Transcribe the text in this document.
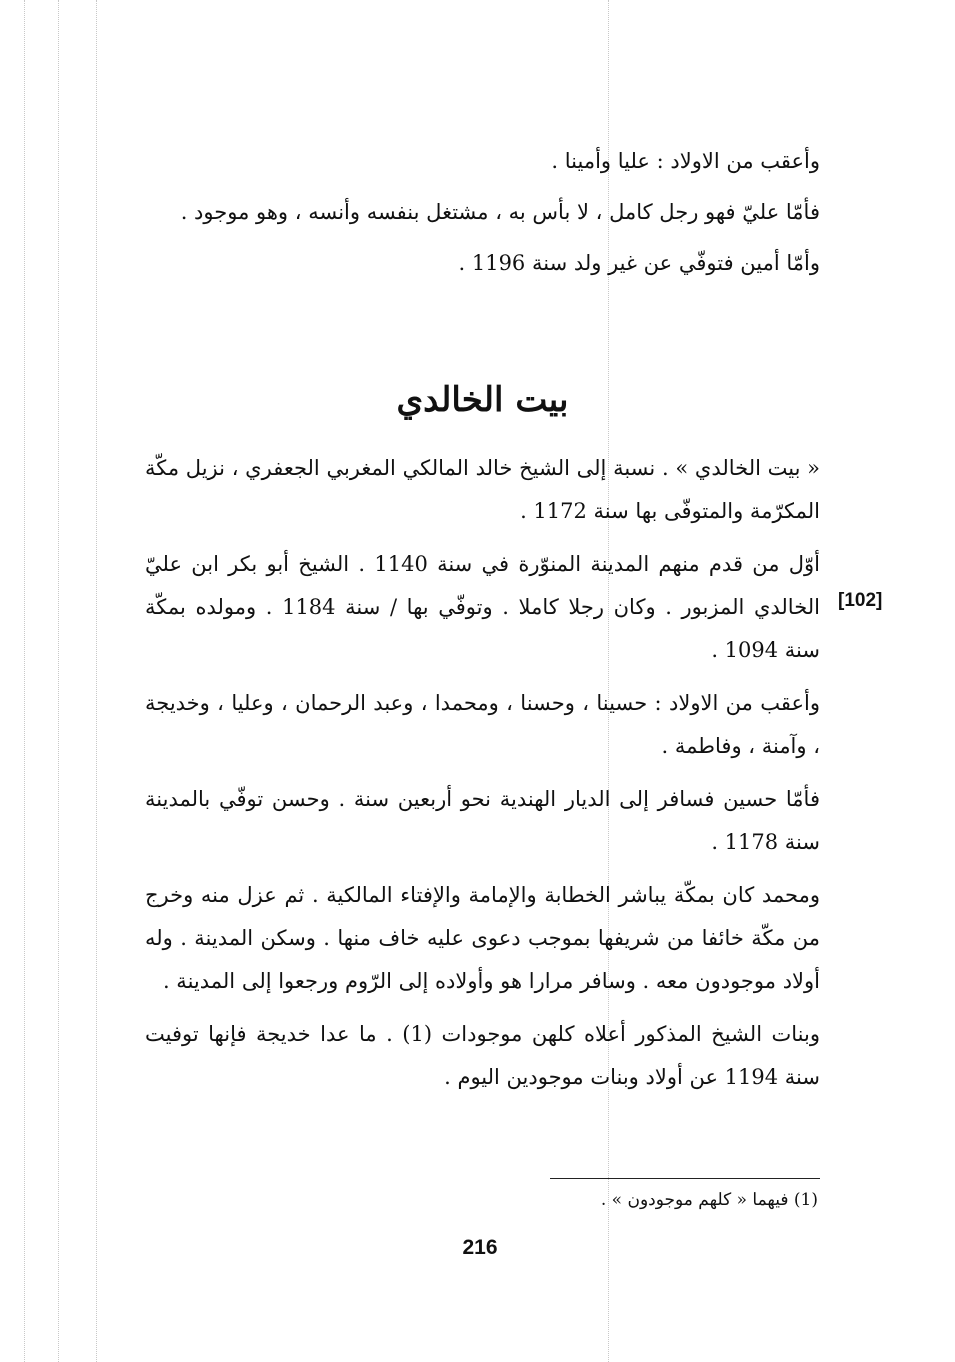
وأعقب من الاولاد : عليا وأمينا .

فأمّا عليّ فهو رجل كامل ، لا بأس به ، مشتغل بنفسه وأنسه ، وهو موجود .

وأمّا أمين فتوفّي عن غير ولد سنة 1196 .

بيت الخالدي

« بيت الخالدي » . نسبة إلى الشيخ خالد المالكي المغربي الجعفري ، نزيل مكّة المكرّمة والمتوفّى بها سنة 1172 .

أوّل من قدم منهم المدينة المنوّرة في سنة 1140 . الشيخ أبو بكر ابن عليّ الخالدي المزبور . وكان رجلا كاملا . وتوفّي بها / سنة 1184 . ومولده بمكّة سنة 1094 .

وأعقب من الاولاد : حسينا ، وحسنا ، ومحمدا ، وعبد الرحمان ، وعليا ، وخديجة ، وآمنة ، وفاطمة .

فأمّا حسين فسافر إلى الديار الهندية نحو أربعين سنة . وحسن توفّي بالمدينة سنة 1178 .

ومحمد كان بمكّة يباشر الخطابة والإمامة والإفتاء المالكية . ثم عزل منه وخرج من مكّة خائفا من شريفها بموجب دعوى عليه خاف منها . وسكن المدينة . وله أولاد موجودون معه . وسافر مرارا هو وأولاده إلى الرّوم ورجعوا إلى المدينة .

وبنات الشيخ المذكور أعلاه كلهن موجودات (1) . ما عدا خديجة فإنها توفيت سنة 1194 عن أولاد وبنات موجودين اليوم .

[102]
(1) فيهما « كلهم موجودون » .
216
